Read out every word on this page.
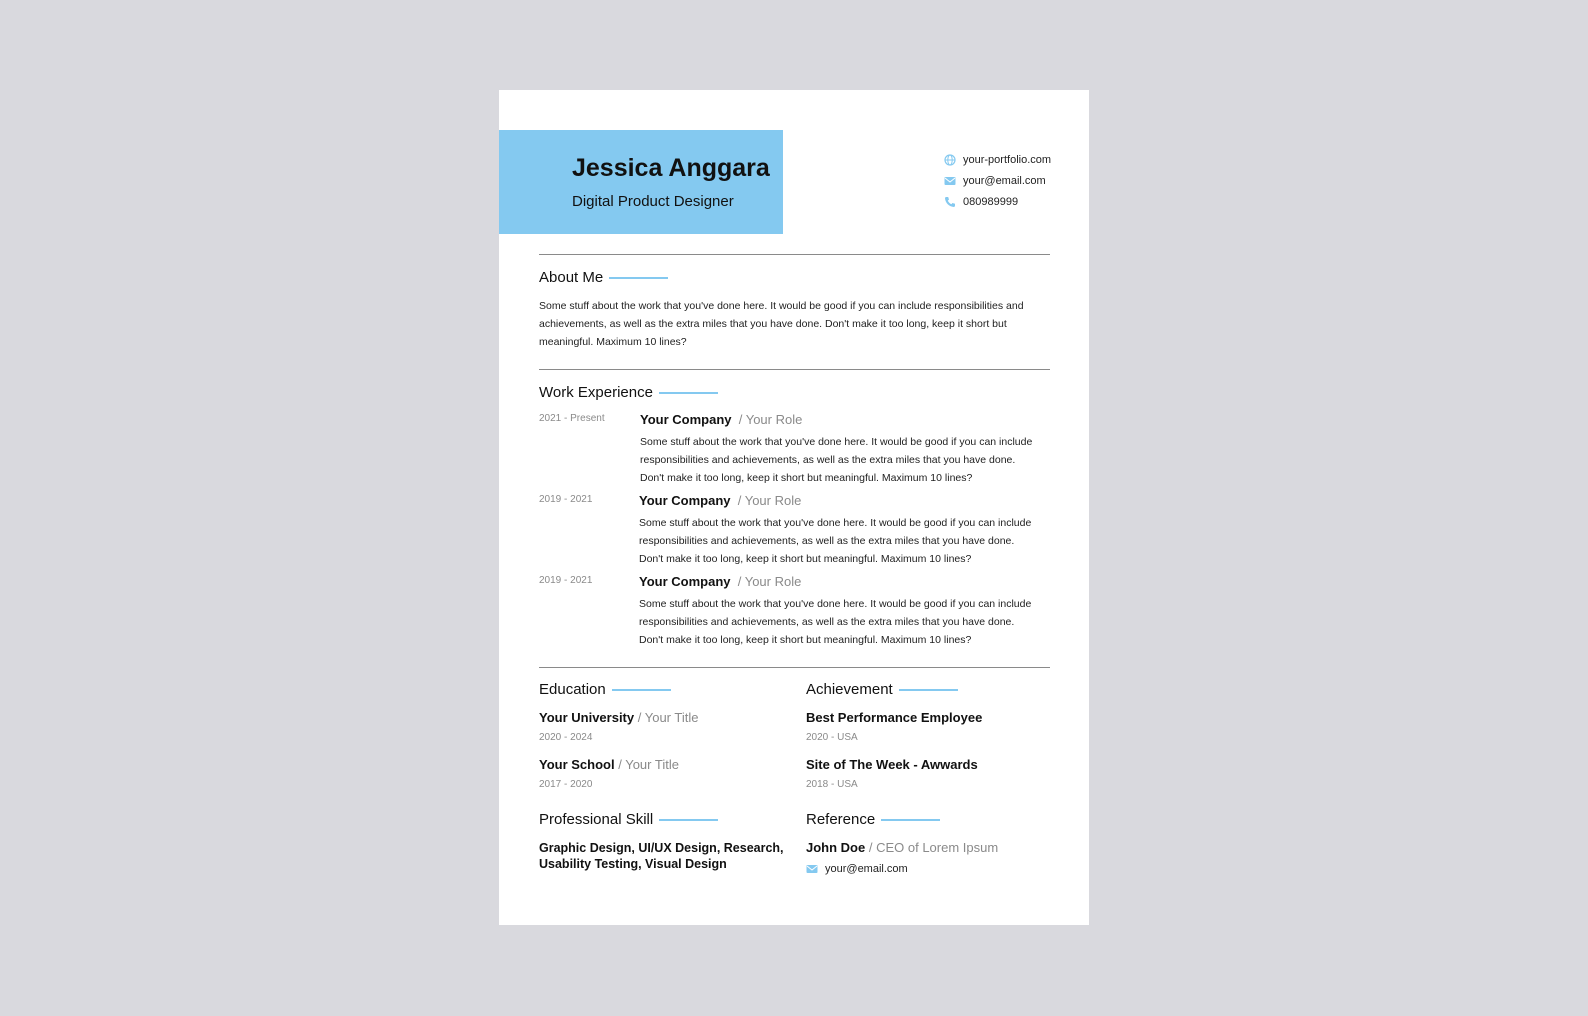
Jessica Anggara
Digital Product Designer
your-portfolio.com
your@email.com
080989999
About Me
Some stuff about the work that you've done here. It would be good if you can include responsibilities and achievements, as well as the extra miles that you have done. Don't make it too long, keep it short but meaningful. Maximum 10 lines?
Work Experience
2021 - Present	Your Company / Your Role
Some stuff about the work that you've done here. It would be good if you can include responsibilities and achievements, as well as the extra miles that you have done. Don't make it too long, keep it short but meaningful. Maximum 10 lines?
2019 - 2021	Your Company / Your Role
Some stuff about the work that you've done here. It would be good if you can include responsibilities and achievements, as well as the extra miles that you have done. Don't make it too long, keep it short but meaningful. Maximum 10 lines?
2019 - 2021	Your Company / Your Role
Some stuff about the work that you've done here. It would be good if you can include responsibilities and achievements, as well as the extra miles that you have done. Don't make it too long, keep it short but meaningful. Maximum 10 lines?
Education
Your University / Your Title
2020 - 2024
Your School / Your Title
2017 - 2020
Achievement
Best Performance Employee
2020 - USA
Site of The Week - Awwards
2018 - USA
Professional Skill
Graphic Design, UI/UX Design, Research, Usability Testing, Visual Design
Reference
John Doe / CEO of Lorem Ipsum
your@email.com
